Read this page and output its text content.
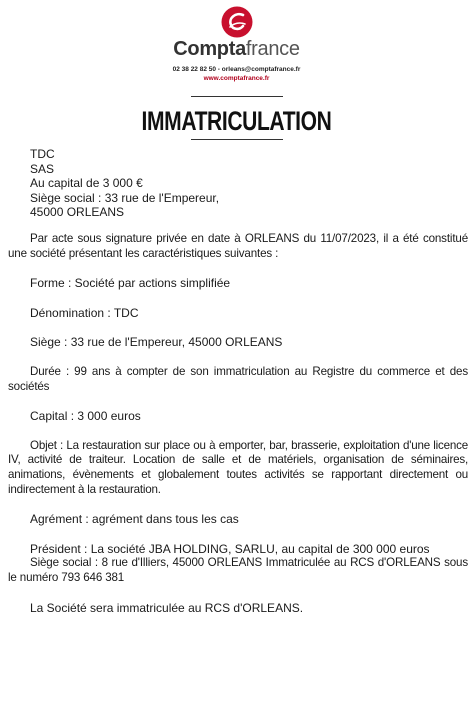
Comptafrance
02 38 22 82 50 - orleans@comptafrance.fr
www.comptafrance.fr
IMMATRICULATION

TDC

SAS

Au capital de 3 000 €

Siège social : 33 rue de l'Empereur,

45000 ORLEANS

Par acte sous signature privée en date à ORLEANS du 11/07/2023, il a été constitué une société présentant les caractéristiques suivantes :

Forme : Société par actions simplifiée

Dénomination : TDC

Siège : 33 rue de l'Empereur, 45000 ORLEANS

Durée : 99 ans à compter de son immatriculation au Registre du commerce et des sociétés

Capital : 3 000 euros

Objet : La restauration sur place ou à emporter, bar, brasserie, exploitation d'une licence IV, activité de traiteur. Location de salle et de matériels, organisation de séminaires, animations, évènements et globalement toutes activités se rapportant directement ou indirectement à la restauration.

Agrément : agrément dans tous les cas

Président : La société JBA HOLDING, SARLU, au capital de 300 000 euros

Siège social : 8 rue d'Illiers, 45000 ORLEANS Immatriculée au RCS d'ORLEANS sous le numéro 793 646 381

La Société sera immatriculée au RCS d'ORLEANS.
